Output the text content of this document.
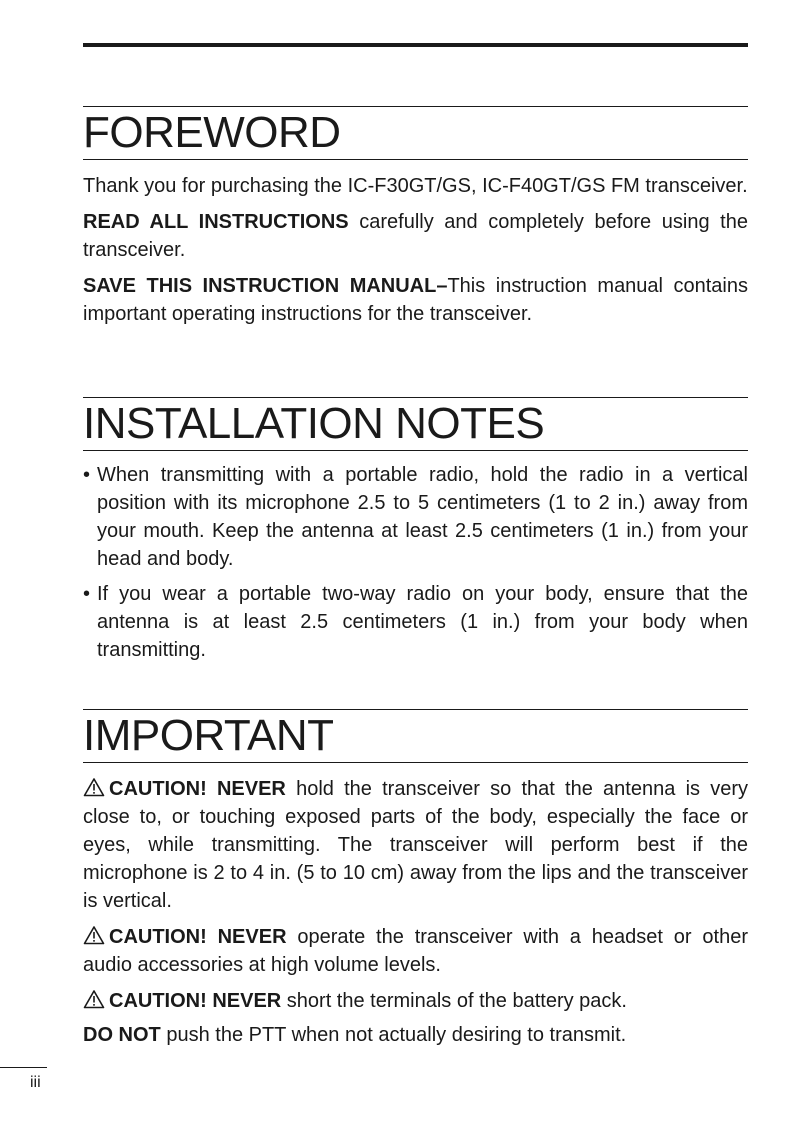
FOREWORD

Thank you for purchasing the IC-F30GT/GS, IC-F40GT/GS FM transceiver.

READ ALL INSTRUCTIONS carefully and completely before using the transceiver.

SAVE THIS INSTRUCTION MANUAL–This instruction manual contains important operating instructions for the transceiver.

INSTALLATION NOTES
• When transmitting with a portable radio, hold the radio in a vertical position with its microphone 2.5 to 5 centimeters (1 to 2 in.) away from your mouth. Keep the antenna at least 2.5 centimeters (1 in.) from your head and body.
• If you wear a portable two-way radio on your body, ensure that the antenna is at least 2.5 centimeters (1 in.) from your body when transmitting.
IMPORTANT

CAUTION! NEVER hold the transceiver so that the antenna is very close to, or touching exposed parts of the body, especially the face or eyes, while transmitting. The transceiver will perform best if the microphone is 2 to 4 in. (5 to 10 cm) away from the lips and the transceiver is vertical.

CAUTION! NEVER operate the transceiver with a headset or other audio accessories at high volume levels.

CAUTION! NEVER short the terminals of the battery pack.

DO NOT push the PTT when not actually desiring to transmit.

iii
